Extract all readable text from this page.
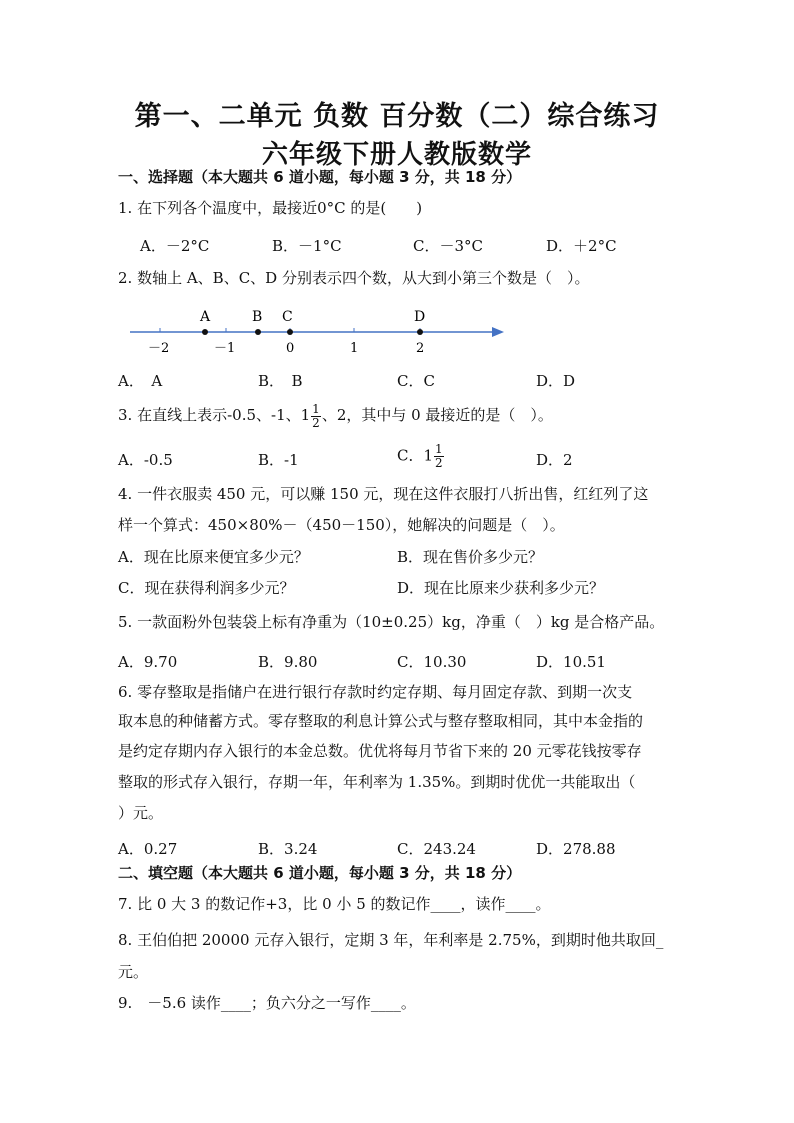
第一、二单元 负数 百分数（二）综合练习
六年级下册人教版数学
一、选择题（本大题共 6 道小题，每小题 3 分，共 18 分）
1. 在下列各个温度中，最接近0°C 的是(　　)
A．－2°C	B．－1°C	C．－3°C	D．＋2°C
2. 数轴上 A、B、C、D 分别表示四个数，从大到小第三个数是（　）。
A	B C	D
－2	－1	0	1	2
A．　A	B．　B	C．C	D．D
3. 在直线上表示-0.5、-1、$1 \frac{1}{2}$ 、2，其中与 0 最接近的是（　）。
A．-0.5	B．-1	C．$1 \frac{1}{2}$	D．2
4. 一件衣服卖 450 元，可以赚 150 元，现在这件衣服打八折出售，红红列了这
样一个算式：450×80%－（450－150），她解决的问题是（　）。
A．现在比原来便宜多少元？	B．现在售价多少元？
C．现在获得利润多少元？	D．现在比原来少获利多少元？
5. 一款面粉外包装袋上标有净重为（10±0.25）kg，净重（　）kg 是合格产品。
A．9.70	B．9.80	C．10.30	D．10.51
6. 零存整取是指储户在进行银行存款时约定存期、每月固定存款、到期一次支
取本息的种储蓄方式。零存整取的利息计算公式与整存整取相同，其中本金指的
是约定存期内存入银行的本金总数。优优将每月节省下来的 20 元零花钱按零存
整取的形式存入银行，存期一年，年利率为 1.35%。到期时优优一共能取出（
）元。
A．0.27	B．3.24	C．243.24	D．278.88
二、填空题（本大题共 6 道小题，每小题 3 分，共 18 分）
7. 比 0 大 3 的数记作+3，比 0 小 5 的数记作____，读作____。
8. 王伯伯把 20000 元存入银行，定期 3 年，年利率是 2.75%，到期时他共取回_
元。
9.　－5.6 读作____；负六分之一写作____。
